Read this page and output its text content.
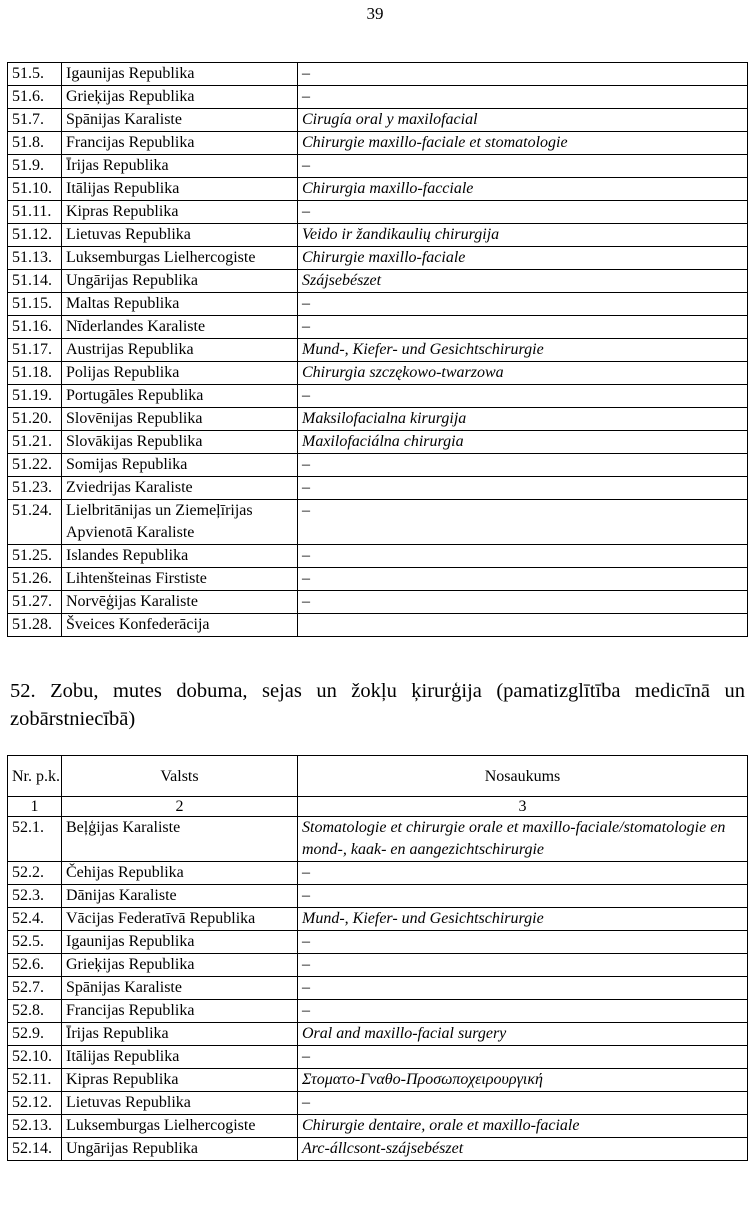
39
51.5.	Igaunijas Republika	–
51.6.	Grieķijas Republika	–
51.7.	Spānijas Karaliste	Cirugía oral y maxilofacial
51.8.	Francijas Republika	Chirurgie maxillo-faciale et stomatologie
51.9.	Īrijas Republika	–
51.10.	Itālijas Republika	Chirurgia maxillo-facciale
51.11.	Kipras Republika	–
51.12.	Lietuvas Republika	Veido ir žandikaulių chirurgija
51.13.	Luksemburgas Lielhercogiste	Chirurgie maxillo-faciale
51.14.	Ungārijas Republika	Szájsebészet
51.15.	Maltas Republika	–
51.16.	Nīderlandes Karaliste	–
51.17.	Austrijas Republika	Mund-, Kiefer- und Gesichtschirurgie
51.18.	Polijas Republika	Chirurgia szczękowo-twarzowa
51.19.	Portugāles Republika	–
51.20.	Slovēnijas Republika	Maksilofacialna kirurgija
51.21.	Slovākijas Republika	Maxilofaciálna chirurgia
51.22.	Somijas Republika	–
51.23.	Zviedrijas Karaliste	–
51.24.	Lielbritānijas un Ziemeļīrijas Apvienotā Karaliste	–
51.25.	Islandes Republika	–
51.26.	Lihtenšteinas Firstiste	–
51.27.	Norvēģijas Karaliste	–
51.28.	Šveices Konfederācija	
52. Zobu, mutes dobuma, sejas un žokļu ķirurģija (pamatizglītība medicīnā un zobārstniecībā)
Nr. p.k.	Valsts	Nosaukums
1	2	3
52.1.	Beļģijas Karaliste	Stomatologie et chirurgie orale et maxillo-faciale/stomatologie en mond-, kaak- en aangezichtschirurgie
52.2.	Čehijas Republika	–
52.3.	Dānijas Karaliste	–
52.4.	Vācijas Federatīvā Republika	Mund-, Kiefer- und Gesichtschirurgie
52.5.	Igaunijas Republika	–
52.6.	Grieķijas Republika	–
52.7.	Spānijas Karaliste	–
52.8.	Francijas Republika	–
52.9.	Īrijas Republika	Oral and maxillo-facial surgery
52.10.	Itālijas Republika	–
52.11.	Kipras Republika	Στοματο-Γναθο-Προσωποχειρουργική
52.12.	Lietuvas Republika	–
52.13.	Luksemburgas Lielhercogiste	Chirurgie dentaire, orale et maxillo-faciale
52.14.	Ungārijas Republika	Arc-állcsont-szájsebészet
